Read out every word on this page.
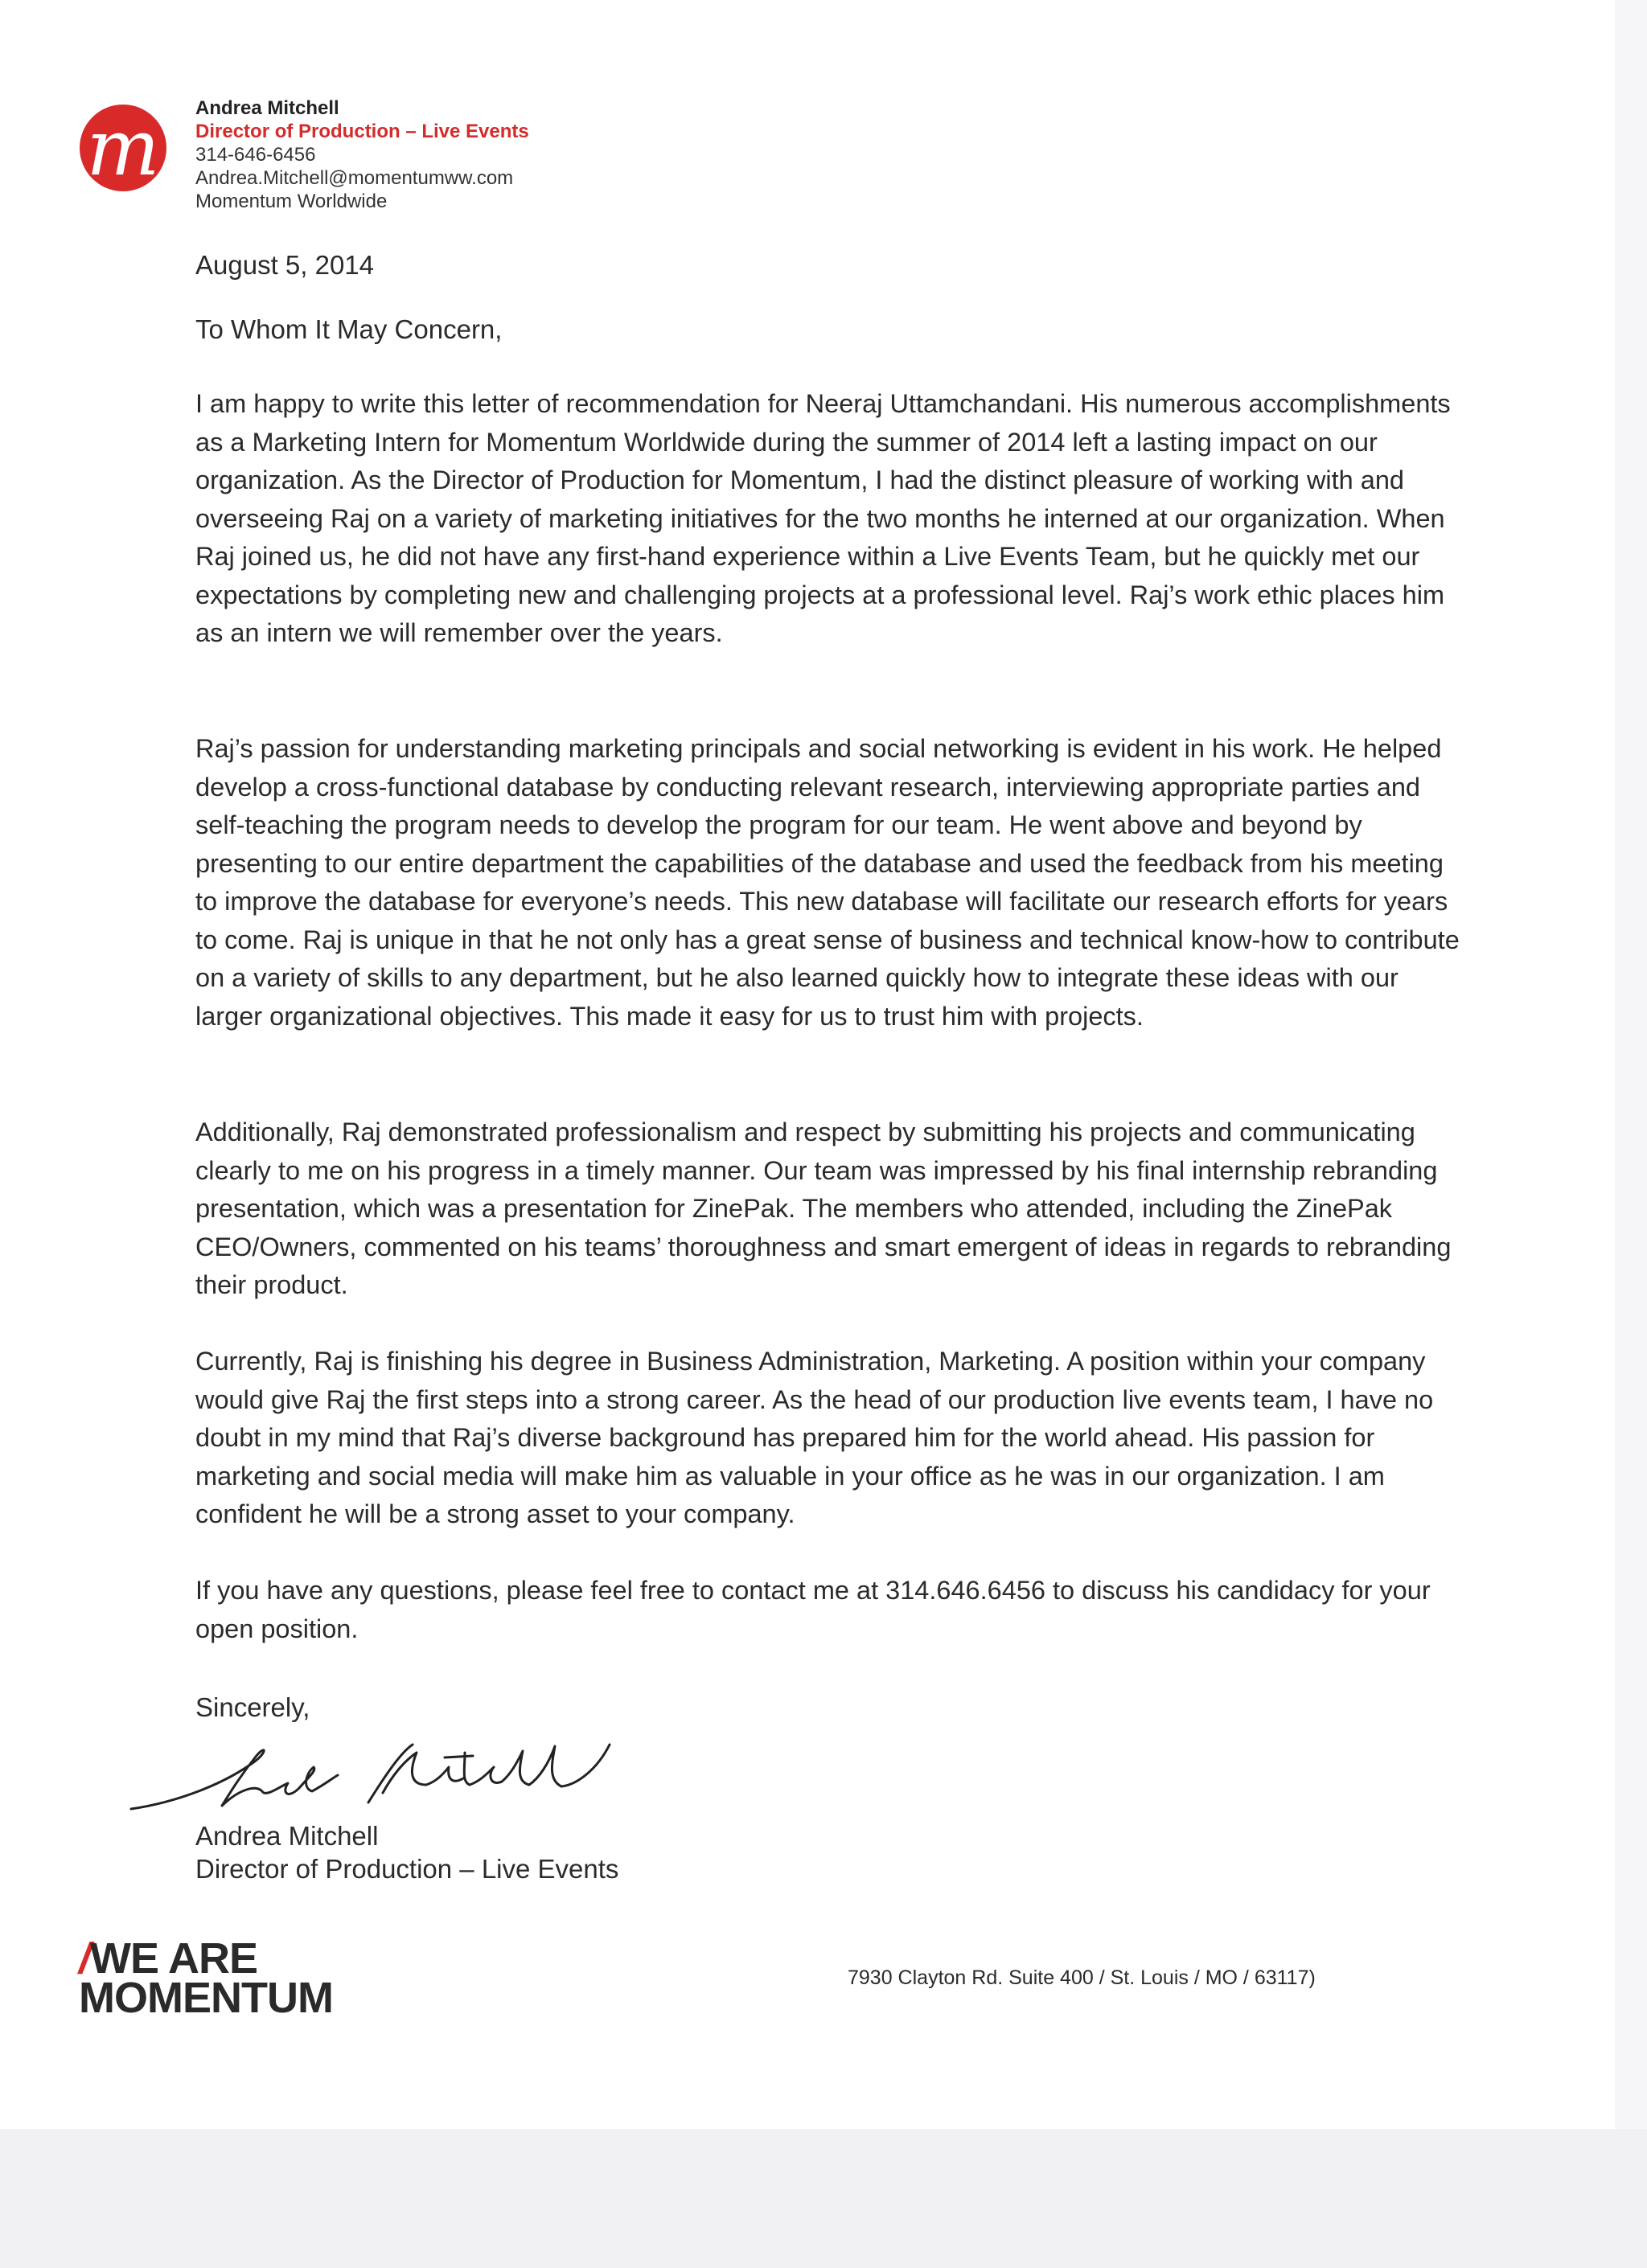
m	Andrea Mitchell
Director of Production – Live Events
314-646-6456
Andrea.Mitchell@momentumww.com
Momentum Worldwide
August 5, 2014
To Whom It May Concern,

I am happy to write this letter of recommendation for Neeraj Uttamchandani. His numerous accomplishments as a Marketing Intern for Momentum Worldwide during the summer of 2014 left a lasting impact on our organization. As the Director of Production for Momentum, I had the distinct pleasure of working with and overseeing Raj on a variety of marketing initiatives for the two months he interned at our organization. When Raj joined us, he did not have any first-hand experience within a Live Events Team, but he quickly met our expectations by completing new and challenging projects at a professional level. Raj’s work ethic places him as an intern we will remember over the years.

Raj’s passion for understanding marketing principals and social networking is evident in his work. He helped develop a cross-functional database by conducting relevant research, interviewing appropriate parties and self-teaching the program needs to develop the program for our team. He went above and beyond by presenting to our entire department the capabilities of the database and used the feedback from his meeting to improve the database for everyone’s needs. This new database will facilitate our research efforts for years to come. Raj is unique in that he not only has a great sense of business and technical know-how to contribute on a variety of skills to any department, but he also learned quickly how to integrate these ideas with our larger organizational objectives. This made it easy for us to trust him with projects.

Additionally, Raj demonstrated professionalism and respect by submitting his projects and communicating clearly to me on his progress in a timely manner. Our team was impressed by his final internship rebranding presentation, which was a presentation for ZinePak. The members who attended, including the ZinePak CEO/Owners, commented on his teams’ thoroughness and smart emergent of ideas in regards to rebranding their product.

Currently, Raj is finishing his degree in Business Administration, Marketing. A position within your company would give Raj the first steps into a strong career. As the head of our production live events team, I have no doubt in my mind that Raj’s diverse background has prepared him for the world ahead. His passion for marketing and social media will make him as valuable in your office as he was in our organization. I am confident he will be a strong asset to your company.

If you have any questions, please feel free to contact me at 314.646.6456 to discuss his candidacy for your open position.

Sincerely,
Andrea Mitchell
Director of Production – Live Events
/WE ARE
MOMENTUM	7930 Clayton Rd. Suite 400 / St. Louis / MO / 63117)
